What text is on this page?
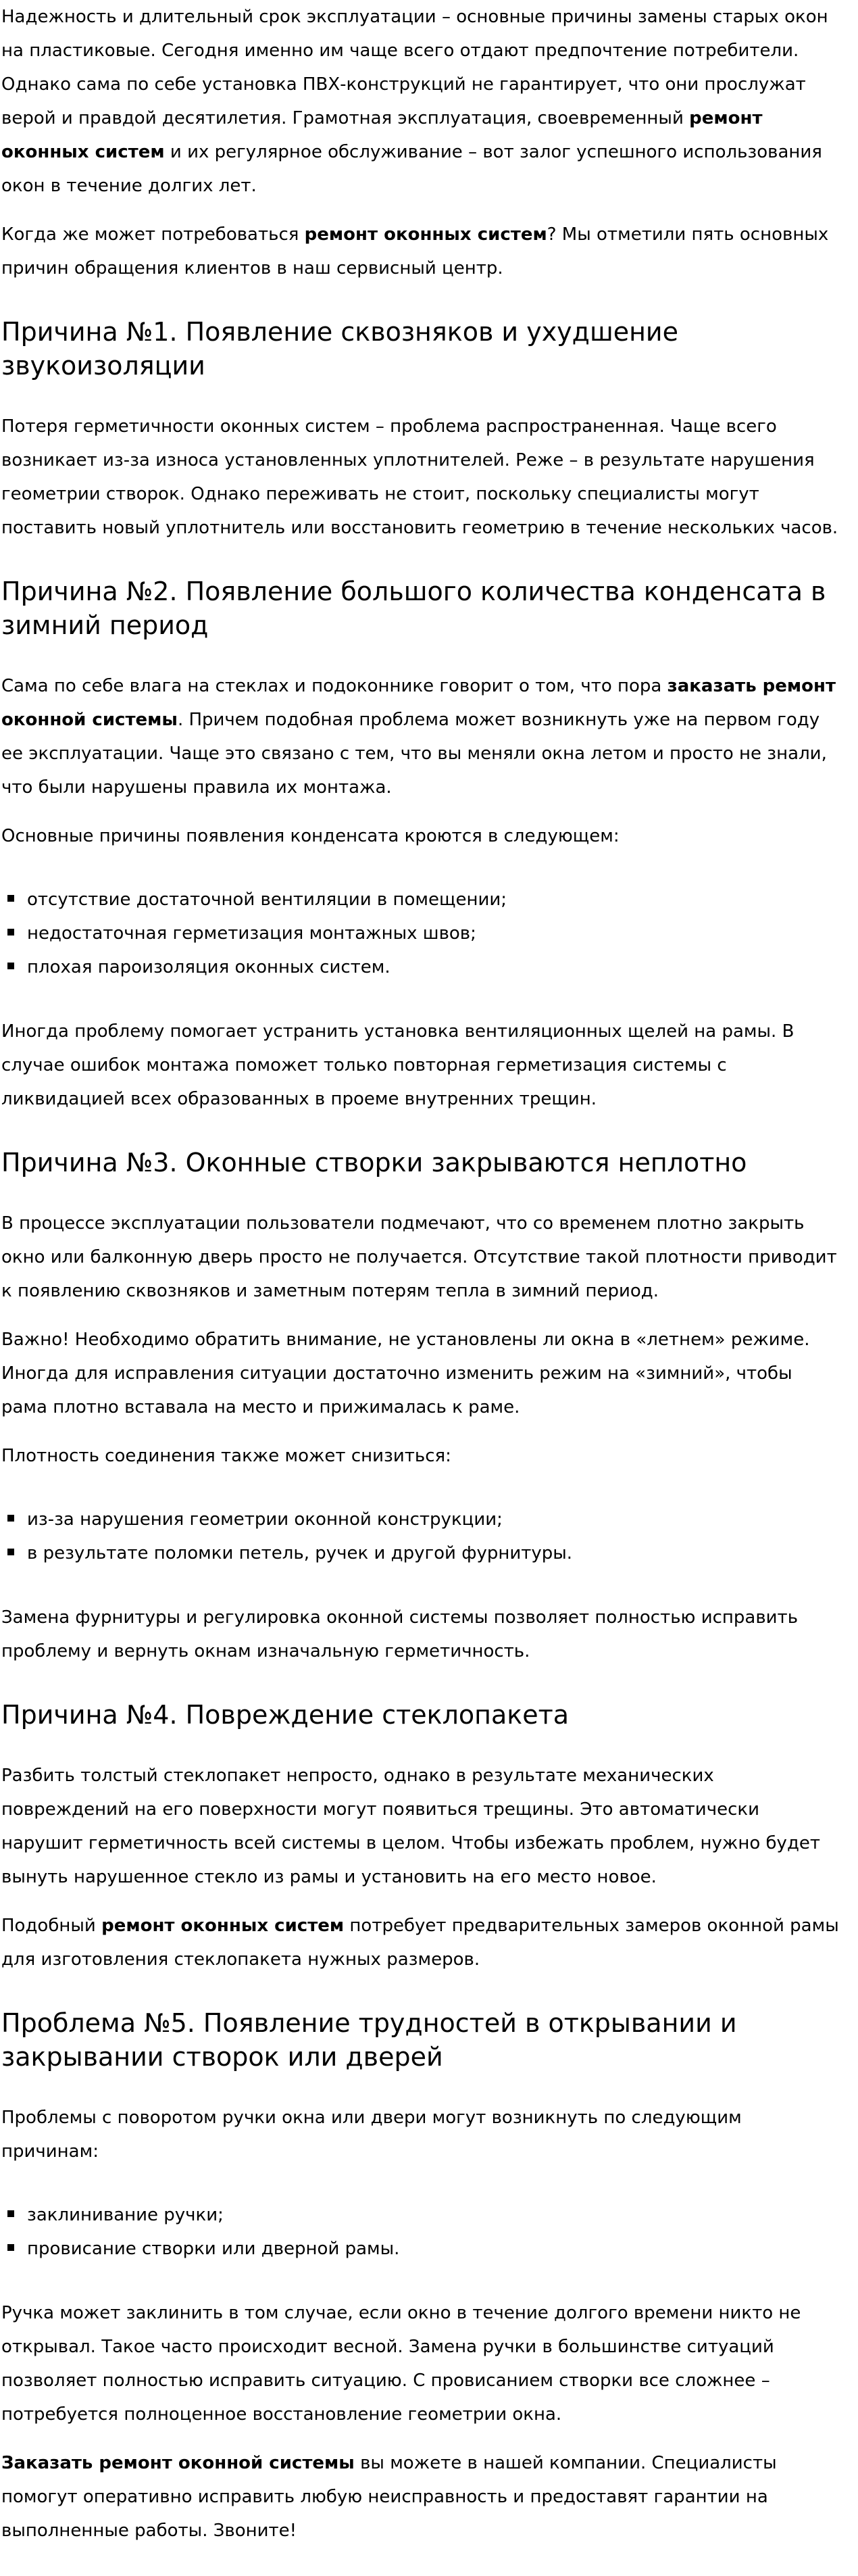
Надежность и длительный срок эксплуатации – основные причины замены старых окон на пластиковые. Сегодня именно им чаще всего отдают предпочтение потребители. Однако сама по себе установка ПВХ-конструкций не гарантирует, что они прослужат верой и правдой десятилетия. Грамотная эксплуатация, своевременный ремонт оконных систем и их регулярное обслуживание – вот залог успешного использования окон в течение долгих лет.

Когда же может потребоваться ремонт оконных систем? Мы отметили пять основных причин обращения клиентов в наш сервисный центр.

Причина №1. Появление сквозняков и ухудшение звукоизоляции

Потеря герметичности оконных систем – проблема распространенная. Чаще всего возникает из-за износа установленных уплотнителей. Реже – в результате нарушения геометрии створок. Однако переживать не стоит, поскольку специалисты могут поставить новый уплотнитель или восстановить геометрию в течение нескольких часов.

Причина №2. Появление большого количества конденсата в зимний период

Сама по себе влага на стеклах и подоконнике говорит о том, что пора заказать ремонт оконной системы. Причем подобная проблема может возникнуть уже на первом году ее эксплуатации. Чаще это связано с тем, что вы меняли окна летом и просто не знали, что были нарушены правила их монтажа.

Основные причины появления конденсата кроются в следующем:

отсутствие достаточной вентиляции в помещении;
недостаточная герметизация монтажных швов;
плохая пароизоляция оконных систем.

Иногда проблему помогает устранить установка вентиляционных щелей на рамы. В случае ошибок монтажа поможет только повторная герметизация системы с ликвидацией всех образованных в проеме внутренних трещин.

Причина №3. Оконные створки закрываются неплотно

В процессе эксплуатации пользователи подмечают, что со временем плотно закрыть окно или балконную дверь просто не получается. Отсутствие такой плотности приводит к появлению сквозняков и заметным потерям тепла в зимний период.

Важно! Необходимо обратить внимание, не установлены ли окна в «летнем» режиме. Иногда для исправления ситуации достаточно изменить режим на «зимний», чтобы рама плотно вставала на место и прижималась к раме.

Плотность соединения также может снизиться:

из-за нарушения геометрии оконной конструкции;
в результате поломки петель, ручек и другой фурнитуры.

Замена фурнитуры и регулировка оконной системы позволяет полностью исправить проблему и вернуть окнам изначальную герметичность.

Причина №4. Повреждение стеклопакета

Разбить толстый стеклопакет непросто, однако в результате механических повреждений на его поверхности могут появиться трещины. Это автоматически нарушит герметичность всей системы в целом. Чтобы избежать проблем, нужно будет вынуть нарушенное стекло из рамы и установить на его место новое.

Подобный ремонт оконных систем потребует предварительных замеров оконной рамы для изготовления стеклопакета нужных размеров.

Проблема №5. Появление трудностей в открывании и закрывании створок или дверей

Проблемы с поворотом ручки окна или двери могут возникнуть по следующим причинам:

заклинивание ручки;
провисание створки или дверной рамы.

Ручка может заклинить в том случае, если окно в течение долгого времени никто не открывал. Такое часто происходит весной. Замена ручки в большинстве ситуаций позволяет полностью исправить ситуацию. С провисанием створки все сложнее – потребуется полноценное восстановление геометрии окна.

Заказать ремонт оконной системы вы можете в нашей компании. Специалисты помогут оперативно исправить любую неисправность и предоставят гарантии на выполненные работы. Звоните!
